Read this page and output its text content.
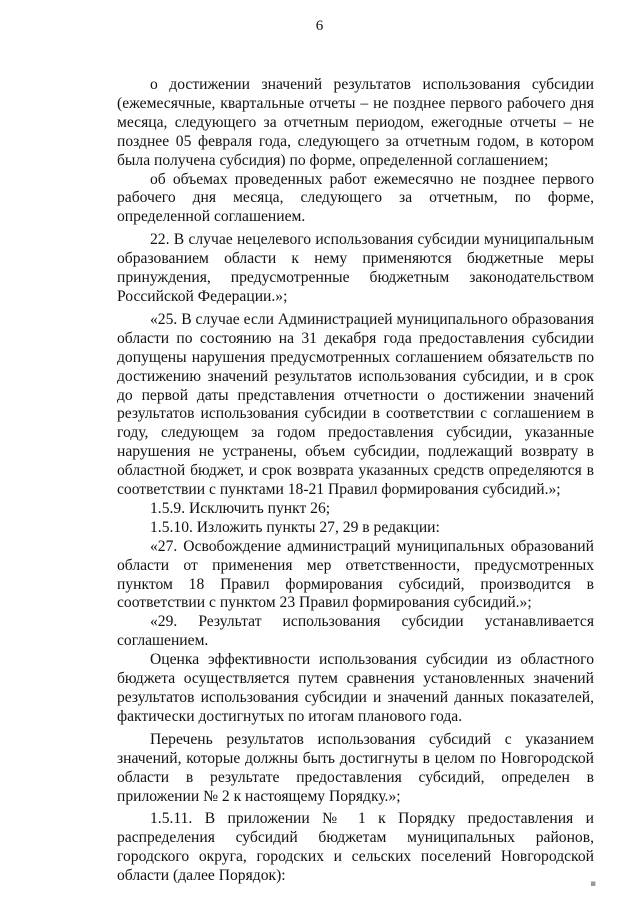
6

о достижении значений результатов использования субсидии (ежемесячные, квартальные отчеты – не позднее первого рабочего дня месяца, следующего за отчетным периодом, ежегодные отчеты – не позднее 05 февраля года, следующего за отчетным годом, в котором была получена субсидия) по форме, определенной соглашением;

об объемах проведенных работ ежемесячно не позднее первого рабочего дня месяца, следующего за отчетным, по форме, определенной соглашением.

22. В случае нецелевого использования субсидии муниципальным образованием области к нему применяются бюджетные меры принуждения, предусмотренные бюджетным законодательством Российской Федерации.»;

«25. В случае если Администрацией муниципального образования области по состоянию на 31 декабря года предоставления субсидии допущены нарушения предусмотренных соглашением обязательств по достижению значений результатов использования субсидии, и в срок до первой даты представления отчетности о достижении значений результатов использования субсидии в соответствии с соглашением в году, следующем за годом предоставления субсидии, указанные нарушения не устранены, объем субсидии, подлежащий возврату в областной бюджет, и срок возврата указанных средств определяются в соответствии с пунктами 18-21 Правил формирования субсидий.»;

1.5.9. Исключить пункт 26;

1.5.10. Изложить пункты 27, 29 в редакции:

«27. Освобождение администраций муниципальных образований области от применения мер ответственности, предусмотренных пунктом 18 Правил формирования субсидий, производится в соответствии с пунктом 23 Правил формирования субсидий.»;

«29. Результат использования субсидии устанавливается соглашением.

Оценка эффективности использования субсидии из областного бюджета осуществляется путем сравнения установленных значений результатов использования субсидии и значений данных показателей, фактически достигнутых по итогам планового года.

Перечень результатов использования субсидий с указанием значений, которые должны быть достигнуты в целом по Новгородской области в результате предоставления субсидий, определен в приложении № 2 к настоящему Порядку.»;

1.5.11. В приложении № 1 к Порядку предоставления и распределения субсидий бюджетам муниципальных районов, городского округа, городских и сельских поселений Новгородской области (далее Порядок):	▪
